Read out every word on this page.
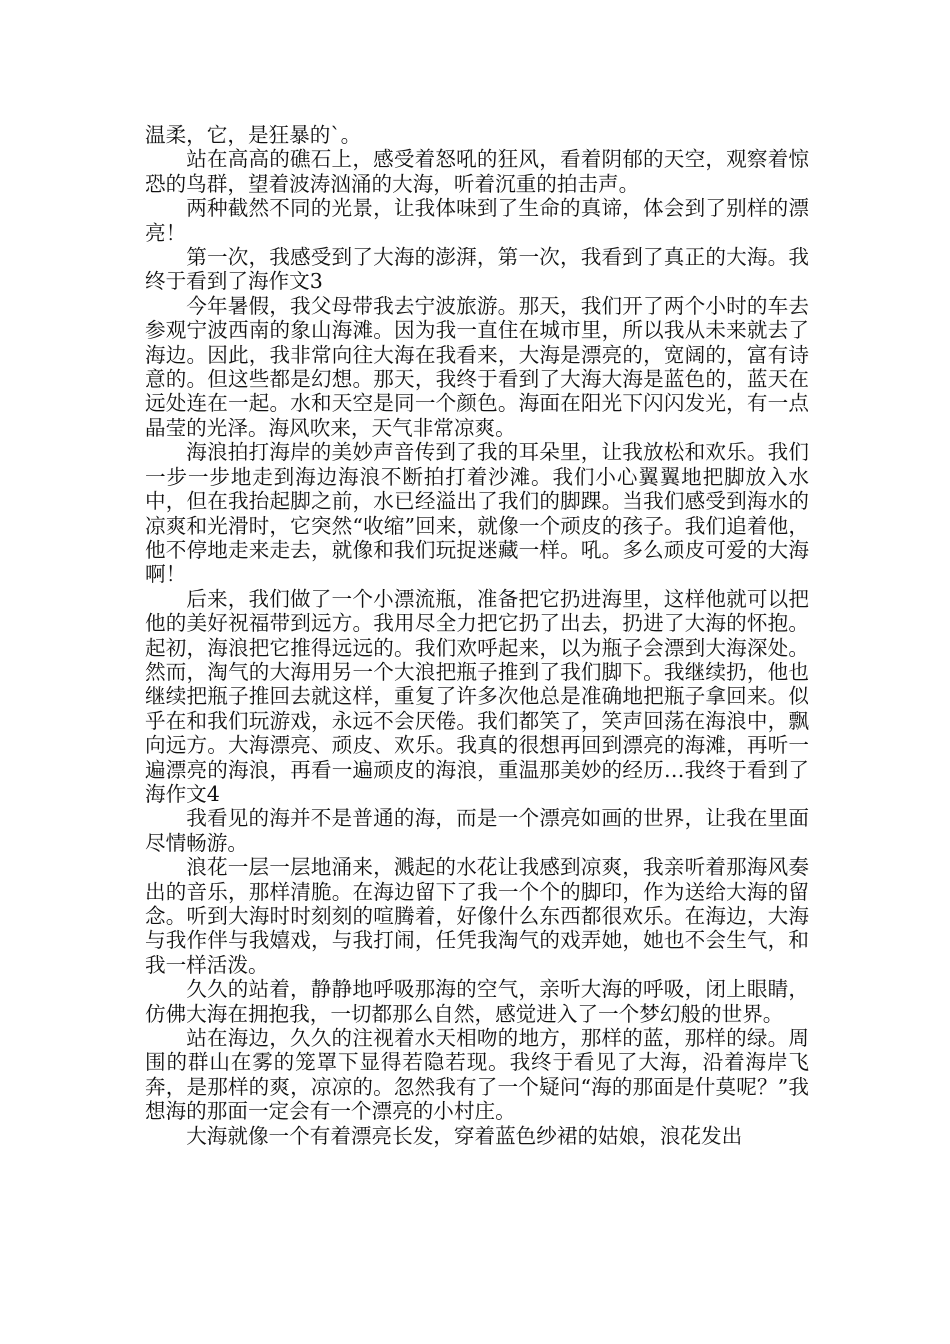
温柔，它，是狂暴的`。

站在高高的礁石上，感受着怒吼的狂风，看着阴郁的天空，观察着惊恐的鸟群，望着波涛汹涌的大海，听着沉重的拍击声。

两种截然不同的光景，让我体味到了生命的真谛，体会到了别样的漂亮！

第一次，我感受到了大海的澎湃，第一次，我看到了真正的大海。我终于看到了海作文3

今年暑假，我父母带我去宁波旅游。那天，我们开了两个小时的车去参观宁波西南的象山海滩。因为我一直住在城市里，所以我从未来就去了海边。因此，我非常向往大海在我看来，大海是漂亮的，宽阔的，富有诗意的。但这些都是幻想。那天，我终于看到了大海大海是蓝色的，蓝天在远处连在一起。水和天空是同一个颜色。海面在阳光下闪闪发光，有一点晶莹的光泽。海风吹来，天气非常凉爽。

海浪拍打海岸的美妙声音传到了我的耳朵里，让我放松和欢乐。我们一步一步地走到海边海浪不断拍打着沙滩。我们小心翼翼地把脚放入水中，但在我抬起脚之前，水已经溢出了我们的脚踝。当我们感受到海水的凉爽和光滑时，它突然“收缩”回来，就像一个顽皮的孩子。我们追着他，他不停地走来走去，就像和我们玩捉迷藏一样。吼。多么顽皮可爱的大海啊！

后来，我们做了一个小漂流瓶，准备把它扔进海里，这样他就可以把他的美好祝福带到远方。我用尽全力把它扔了出去，扔进了大海的怀抱。起初，海浪把它推得远远的。我们欢呼起来，以为瓶子会漂到大海深处。然而，淘气的大海用另一个大浪把瓶子推到了我们脚下。我继续扔，他也继续把瓶子推回去就这样，重复了许多次他总是准确地把瓶子拿回来。似乎在和我们玩游戏，永远不会厌倦。我们都笑了，笑声回荡在海浪中，飘向远方。大海漂亮、顽皮、欢乐。我真的很想再回到漂亮的海滩，再听一遍漂亮的海浪，再看一遍顽皮的海浪，重温那美妙的经历…我终于看到了海作文4

我看见的海并不是普通的海，而是一个漂亮如画的世界，让我在里面尽情畅游。

浪花一层一层地涌来，溅起的水花让我感到凉爽，我亲听着那海风奏出的音乐，那样清脆。在海边留下了我一个个的脚印，作为送给大海的留念。听到大海时时刻刻的喧腾着，好像什么东西都很欢乐。在海边，大海与我作伴与我嬉戏，与我打闹，任凭我淘气的戏弄她，她也不会生气，和我一样活泼。

久久的站着，静静地呼吸那海的空气，亲听大海的呼吸，闭上眼睛，仿佛大海在拥抱我，一切都那么自然，感觉进入了一个梦幻般的世界。

站在海边，久久的注视着水天相吻的地方，那样的蓝，那样的绿。周围的群山在雾的笼罩下显得若隐若现。我终于看见了大海，沿着海岸飞奔，是那样的爽，凉凉的。忽然我有了一个疑问“海的那面是什莫呢？”我想海的那面一定会有一个漂亮的小村庄。

大海就像一个有着漂亮长发，穿着蓝色纱裙的姑娘，浪花发出
